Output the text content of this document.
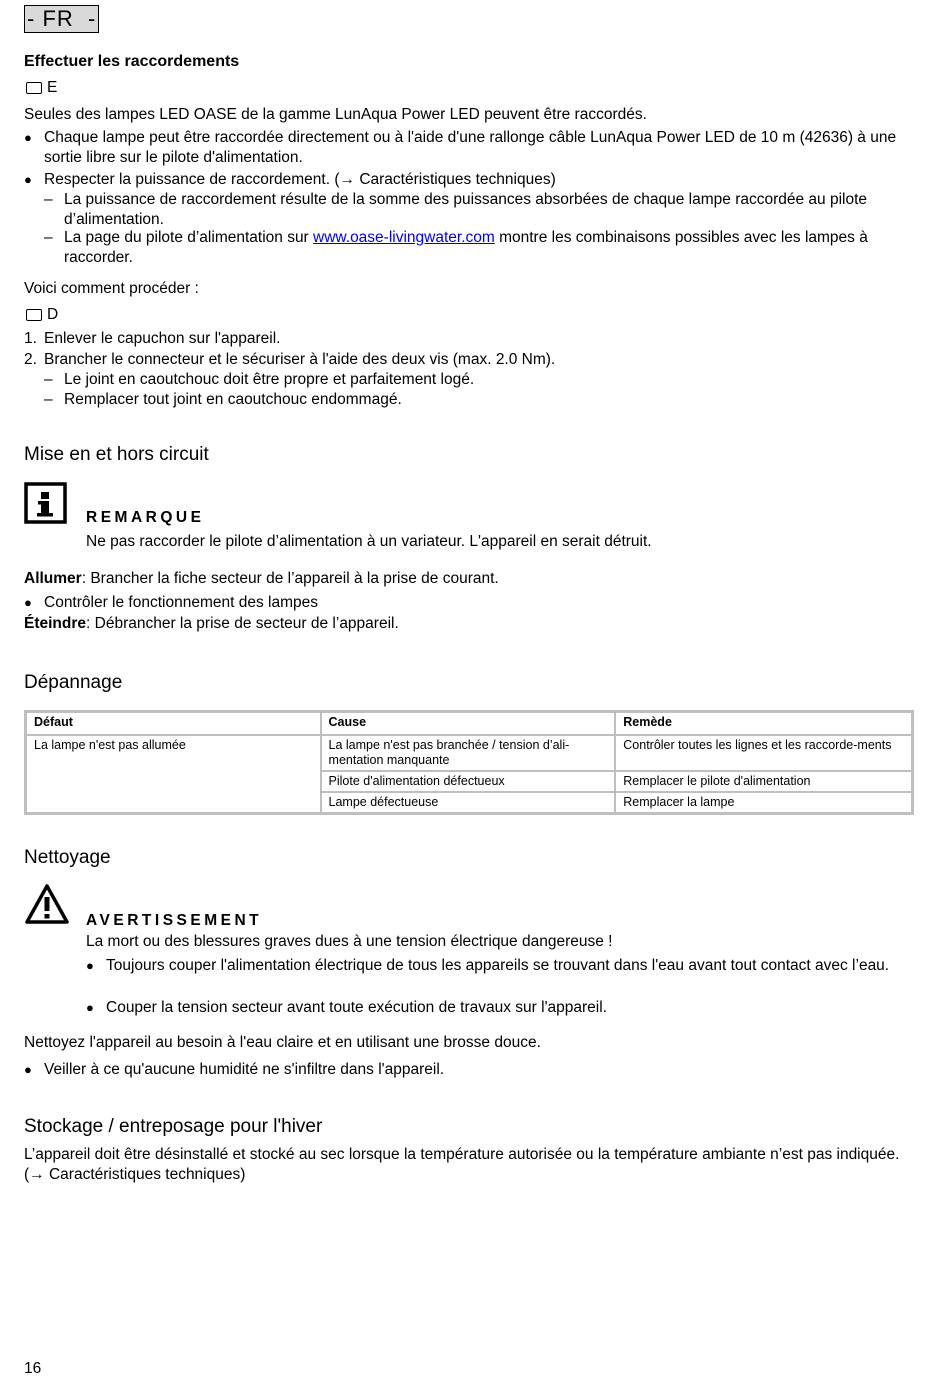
- FR  -
Effectuer les raccordements
E
Seules des lampes LED OASE de la gamme LunAqua Power LED peuvent être raccordés.
● Chaque lampe peut être raccordée directement ou à l'aide d'une rallonge câble LunAqua Power LED de 10 m (42636) à une sortie libre sur le pilote d'alimentation.
● Respecter la puissance de raccordement. (→ Caractéristiques techniques)
– La puissance de raccordement résulte de la somme des puissances absorbées de chaque lampe raccordée au pilote d’alimentation.
– La page du pilote d’alimentation sur www.oase-livingwater.com montre les combinaisons possibles avec les lampes à raccorder.
Voici comment procéder :
D
1. Enlever le capuchon sur l'appareil.
2. Brancher le connecteur et le sécuriser à l'aide des deux vis (max. 2.0 Nm).
– Le joint en caoutchouc doit être propre et parfaitement logé.
– Remplacer tout joint en caoutchouc endommagé.
Mise en et hors circuit
REMARQUE
Ne pas raccorder le pilote d’alimentation à un variateur. L'appareil en serait détruit.
Allumer: Brancher la fiche secteur de l’appareil à la prise de courant.
● Contrôler le fonctionnement des lampes
Éteindre: Débrancher la prise de secteur de l’appareil.
Dépannage
Défaut	Cause	Remède
La lampe n'est pas allumée	La lampe n'est pas branchée / tension d’ali-mentation manquante	Contrôler toutes les lignes et les raccorde-ments
	Pilote d'alimentation défectueux	Remplacer le pilote d'alimentation
	Lampe défectueuse	Remplacer la lampe
Nettoyage
AVERTISSEMENT
La mort ou des blessures graves dues à une tension électrique dangereuse !
● Toujours couper l'alimentation électrique de tous les appareils se trouvant dans l'eau avant tout contact avec l’eau.
● Couper la tension secteur avant toute exécution de travaux sur l'appareil.
Nettoyez l'appareil au besoin à l'eau claire et en utilisant une brosse douce.
● Veiller à ce qu'aucune humidité ne s'infiltre dans l'appareil.
Stockage / entreposage pour l'hiver
L’appareil doit être désinstallé et stocké au sec lorsque la température autorisée ou la température ambiante n’est pas indiquée. (→ Caractéristiques techniques)
16
